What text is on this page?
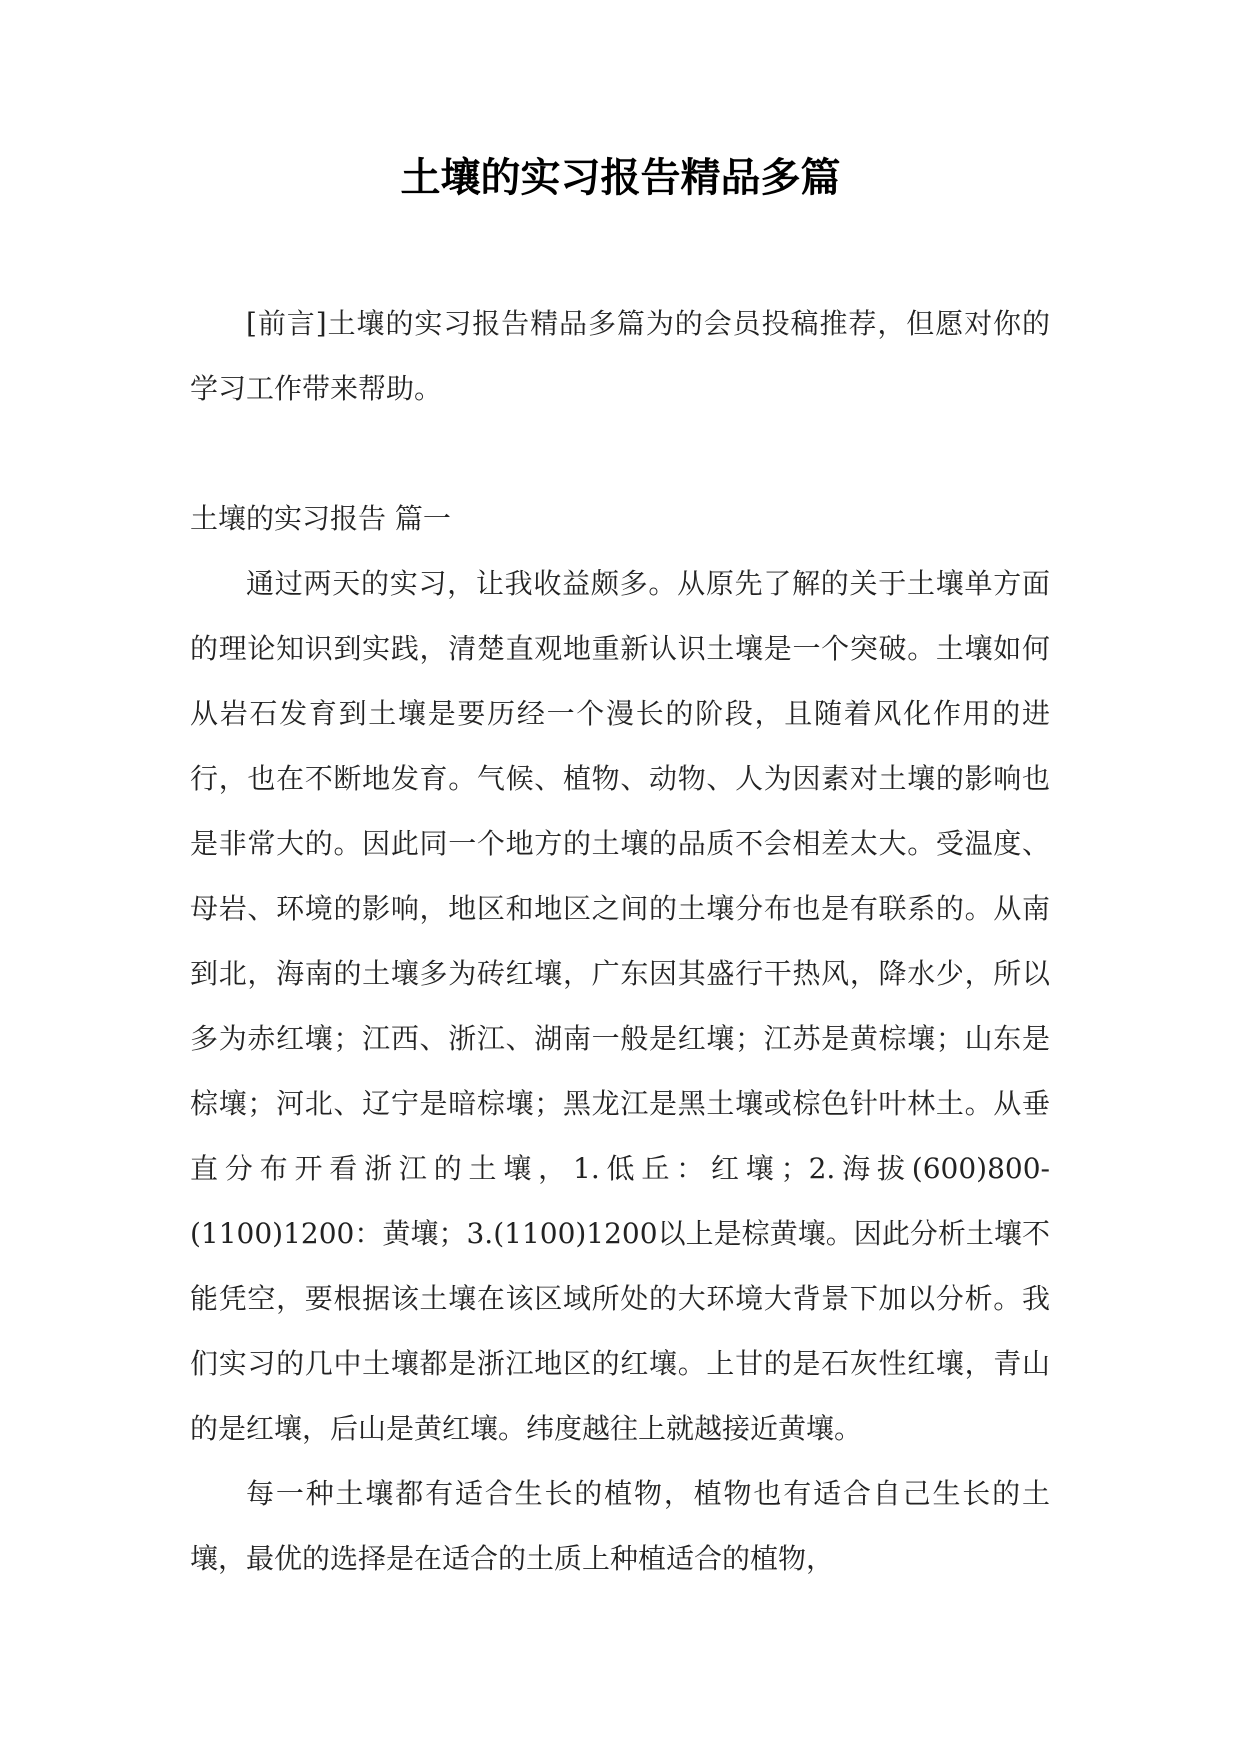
土壤的实习报告精品多篇

[前言]土壤的实习报告精品多篇为的会员投稿推荐，但愿对你的学习工作带来帮助。

土壤的实习报告 篇一

通过两天的实习，让我收益颇多。从原先了解的关于土壤单方面的理论知识到实践，清楚直观地重新认识土壤是一个突破。土壤如何从岩石发育到土壤是要历经一个漫长的阶段，且随着风化作用的进行，也在不断地发育。气候、植物、动物、人为因素对土壤的影响也是非常大的。因此同一个地方的土壤的品质不会相差太大。受温度、母岩、环境的影响，地区和地区之间的土壤分布也是有联系的。从南到北，海南的土壤多为砖红壤，广东因其盛行干热风，降水少，所以多为赤红壤；江西、浙江、湖南一般是红壤；江苏是黄棕壤；山东是棕壤；河北、辽宁是暗棕壤；黑龙江是黑土壤或棕色针叶林土。从垂直分布开看浙江的土壤，1.低丘：红壤；2.海拔(600)800-(1100)1200：黄壤；3.(1100)1200以上是棕黄壤。因此分析土壤不能凭空，要根据该土壤在该区域所处的大环境大背景下加以分析。我们实习的几中土壤都是浙江地区的红壤。上甘的是石灰性红壤，青山的是红壤，后山是黄红壤。纬度越往上就越接近黄壤。

每一种土壤都有适合生长的植物，植物也有适合自己生长的土壤，最优的选择是在适合的土质上种植适合的植物，
